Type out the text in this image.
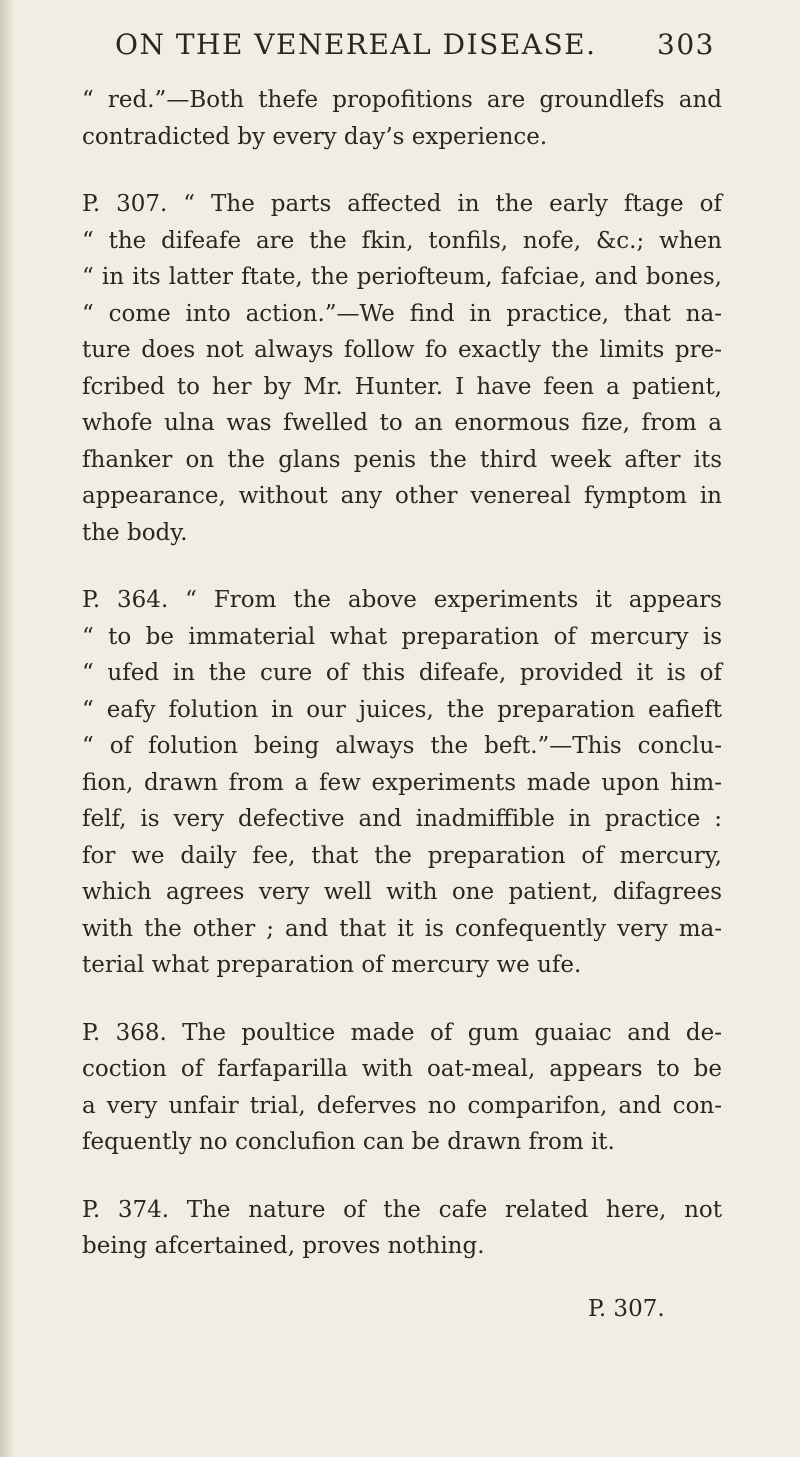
ON THE VENEREAL DISEASE. 303

“ red.”—Both thefe propofitions are groundlefs and
contradicted by every day’s experience.

P. 307. “ The parts affected in the early ftage of
“ the difeafe are the fkin, tonfils, nofe, &c.; when
“ in its latter ftate, the periofteum, fafciae, and bones,
“ come into action.”—We find in practice, that na-
ture does not always follow fo exactly the limits pre-
fcribed to her by Mr. Hunter. I have feen a patient,
whofe ulna was fwelled to an enormous fize, from a
fhanker on the glans penis the third week after its
appearance, without any other venereal fymptom in
the body.

P. 364. “ From the above experiments it appears
“ to be immaterial what preparation of mercury is
“ ufed in the cure of this difeafe, provided it is of
“ eafy folution in our juices, the preparation eafieft
“ of folution being always the beft.”—This conclu-
fion, drawn from a few experiments made upon him-
felf, is very defective and inadmiffible in practice :
for we daily fee, that the preparation of mercury,
which agrees very well with one patient, difagrees
with the other ; and that it is confequently very ma-
terial what preparation of mercury we ufe.

P. 368. The poultice made of gum guaiac and de-
coction of farfaparilla with oat-meal, appears to be
a very unfair trial, deferves no comparifon, and con-
fequently no conclufion can be drawn from it.

P. 374. The nature of the cafe related here, not
being afcertained, proves nothing.

P. 307.
